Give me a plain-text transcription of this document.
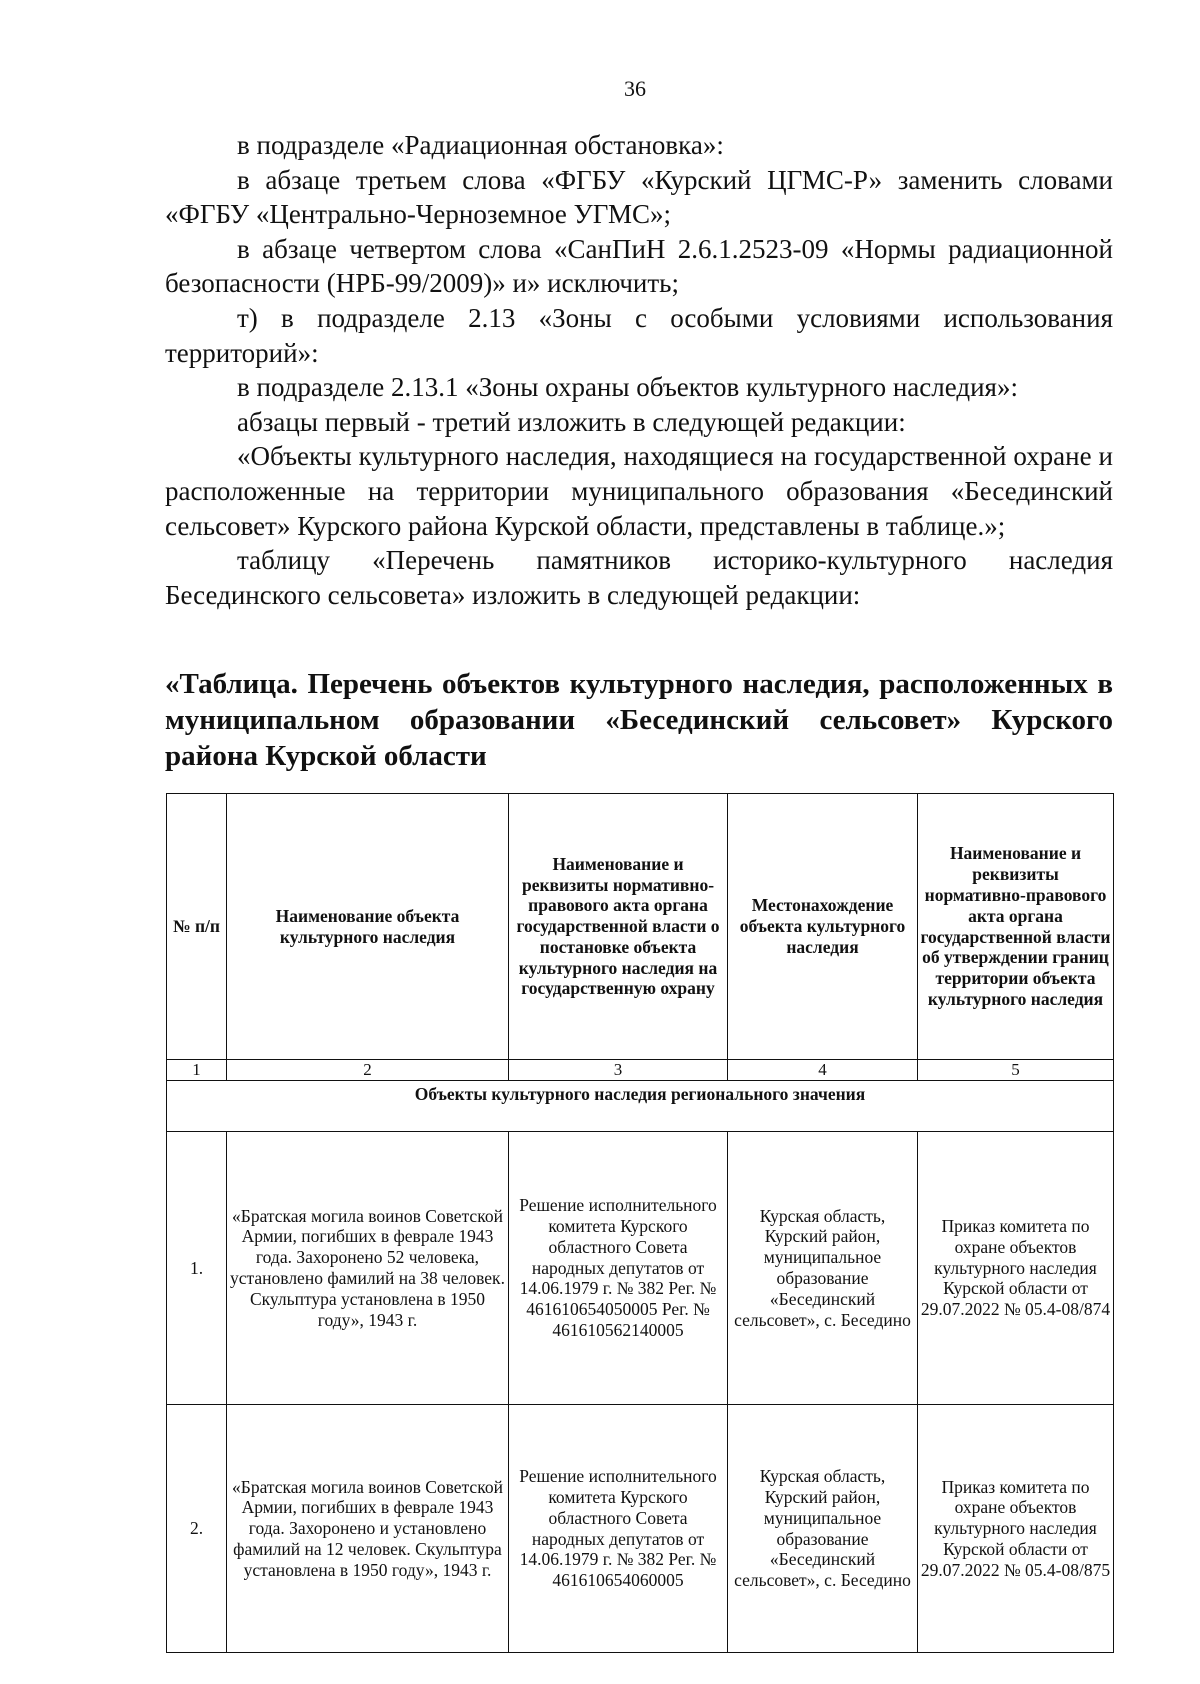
36

в подразделе «Радиационная обстановка»:

в абзаце третьем слова «ФГБУ «Курский ЦГМС-Р» заменить словами «ФГБУ «Центрально-Черноземное УГМС»;

в абзаце четвертом слова «СанПиН 2.6.1.2523-09 «Нормы радиационной безопасности (НРБ-99/2009)» и» исключить;

т) в подразделе 2.13 «Зоны с особыми условиями использования территорий»:

в подразделе 2.13.1 «Зоны охраны объектов культурного наследия»:

абзацы первый - третий изложить в следующей редакции:

«Объекты культурного наследия, находящиеся на государственной охране и расположенные на территории муниципального образования «Бесединский сельсовет» Курского района Курской области, представлены в таблице.»;

таблицу «Перечень памятников историко-культурного наследия Бесединского сельсовета» изложить в следующей редакции:

«Таблица. Перечень объектов культурного наследия, расположенных в муниципальном образовании «Бесединский сельсовет» Курского района Курской области
№ п/п	Наименование объекта культурного наследия	Наименование и реквизиты нормативно-правового акта органа государственной власти о постановке объекта культурного наследия на государственную охрану	Местонахождение объекта культурного наследия	Наименование и реквизиты нормативно-правового акта органа государственной власти об утверждении границ территории объекта культурного наследия
1	2	3	4	5
Объекты культурного наследия регионального значения				
1.	«Братская могила воинов Советской Армии, погибших в феврале 1943 года. Захоронено 52 человека, установлено фамилий на 38 человек. Скульптура установлена в 1950 году», 1943 г.	Решение исполнительного комитета Курского областного Совета народных депутатов от 14.06.1979 г. № 382 Рег. № 461610654050005 Рег. № 461610562140005	Курская область, Курский район, муниципальное образование «Бесединский сельсовет», с. Беседино	Приказ комитета по охране объектов культурного наследия Курской области от 29.07.2022 № 05.4-08/874
2.	«Братская могила воинов Советской Армии, погибших в феврале 1943 года. Захоронено и установлено фамилий на 12 человек. Скульптура установлена в 1950 году», 1943 г.	Решение исполнительного комитета Курского областного Совета народных депутатов от 14.06.1979 г. № 382 Рег. № 461610654060005	Курская область, Курский район, муниципальное образование «Бесединский сельсовет», с. Беседино	Приказ комитета по охране объектов культурного наследия Курской области от 29.07.2022 № 05.4-08/875
